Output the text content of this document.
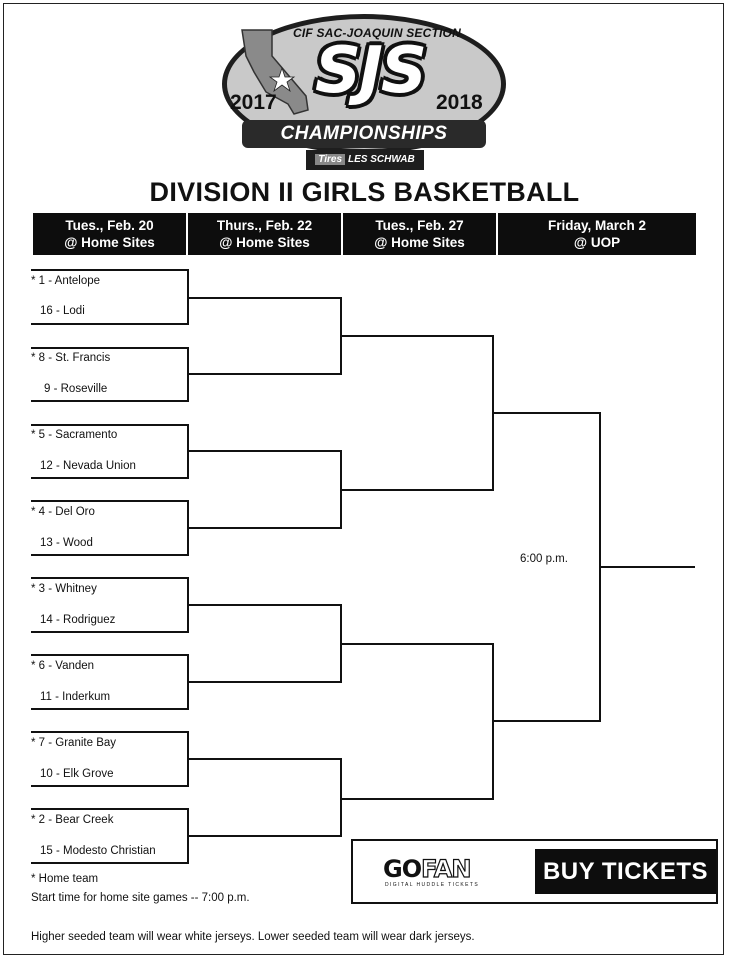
CIF SAC-JOAQUIN SECTION
SJS
2017	2018
CHAMPIONSHIPS
Tires LES SCHWAB
DIVISION II GIRLS BASKETBALL
Tues., Feb. 20
@ Home Sites
Thurs., Feb. 22
@ Home Sites
Tues., Feb. 27
@ Home Sites
Friday, March 2
@ UOP
* 1 - Antelope
16 - Lodi
* 8 - St. Francis
9 - Roseville
* 5 - Sacramento
12 - Nevada Union
* 4 - Del Oro
13 - Wood
* 3 - Whitney
14 - Rodriguez
* 6 - Vanden
11 - Inderkum
* 7 - Granite Bay
10 - Elk Grove
* 2 - Bear Creek
15 - Modesto Christian
6:00 p.m.
* Home team
Start time for home site games -- 7:00 p.m.
Higher seeded team will wear white jerseys. Lower seeded team will wear dark jerseys.
GOFAN
DIGITAL HUDDLE TICKETS	BUY TICKETS
